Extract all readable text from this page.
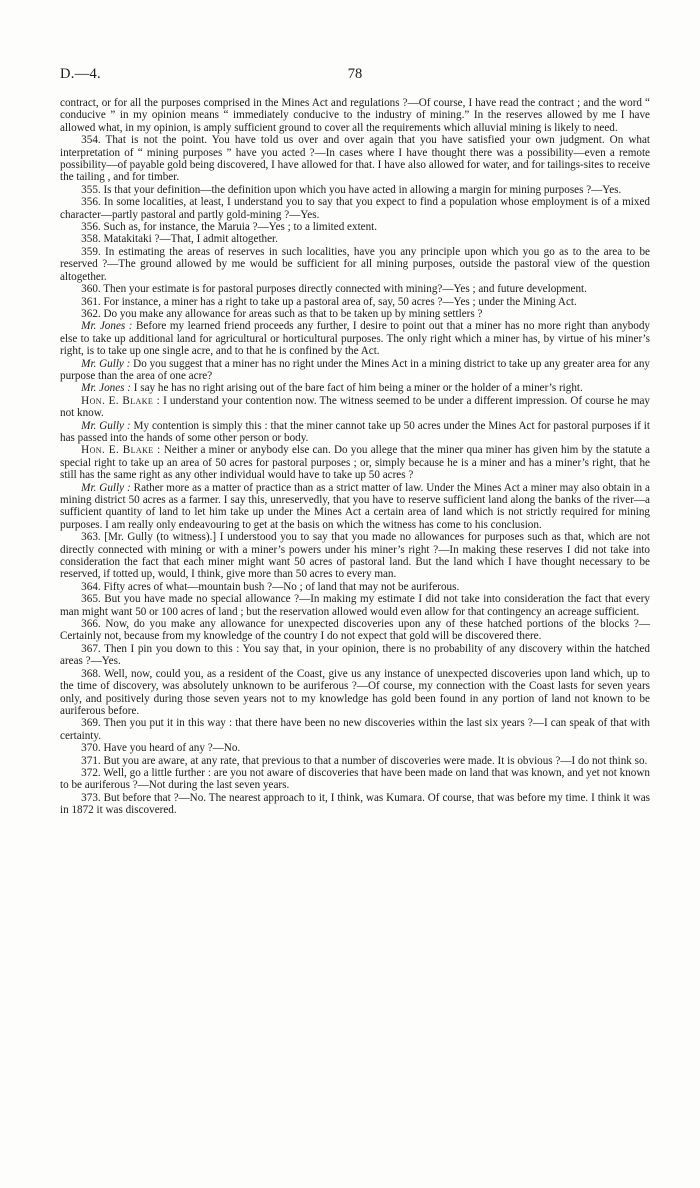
D.—4.	78

contract, or for all the purposes comprised in the Mines Act and regulations ?—Of course, I have read the contract ; and the word “ conducive ” in my opinion means “ immediately conducive to the industry of mining.” In the reserves allowed by me I have allowed what, in my opinion, is amply sufficient ground to cover all the requirements which alluvial mining is likely to need.

354. That is not the point. You have told us over and over again that you have satisfied your own judgment. On what interpretation of “ mining purposes ” have you acted ?—In cases where I have thought there was a possibility—even a remote possibility—of payable gold being discovered, I have allowed for that. I have also allowed for water, and for tailings-sites to receive the tailing , and for timber.

355. Is that your definition—the definition upon which you have acted in allowing a margin for mining purposes ?—Yes.

356. In some localities, at least, I understand you to say that you expect to find a population whose employment is of a mixed character—partly pastoral and partly gold-mining ?—Yes.

356. Such as, for instance, the Maruia ?—Yes ; to a limited extent.

358. Matakitaki ?—That, I admit altogether.

359. In estimating the areas of reserves in such localities, have you any principle upon which you go as to the area to be reserved ?—The ground allowed by me would be sufficient for all mining purposes, outside the pastoral view of the question altogether.

360. Then your estimate is for pastoral purposes directly connected with mining?—Yes ; and future development.

361. For instance, a miner has a right to take up a pastoral area of, say, 50 acres ?—Yes ; under the Mining Act.

362. Do you make any allowance for areas such as that to be taken up by mining settlers ?

Mr. Jones : Before my learned friend proceeds any further, I desire to point out that a miner has no more right than anybody else to take up additional land for agricultural or horticultural purposes. The only right which a miner has, by virtue of his miner’s right, is to take up one single acre, and to that he is confined by the Act.

Mr. Gully : Do you suggest that a miner has no right under the Mines Act in a mining district to take up any greater area for any purpose than the area of one acre?

Mr. Jones : I say he has no right arising out of the bare fact of him being a miner or the holder of a miner’s right.

Hon. E. Blake : I understand your contention now. The witness seemed to be under a different impression. Of course he may not know.

Mr. Gully : My contention is simply this : that the miner cannot take up 50 acres under the Mines Act for pastoral purposes if it has passed into the hands of some other person or body.

Hon. E. Blake : Neither a miner or anybody else can. Do you allege that the miner qua miner has given him by the statute a special right to take up an area of 50 acres for pastoral purposes ; or, simply because he is a miner and has a miner’s right, that he still has the same right as any other individual would have to take up 50 acres ?

Mr. Gully : Rather more as a matter of practice than as a strict matter of law. Under the Mines Act a miner may also obtain in a mining district 50 acres as a farmer. I say this, unreservedly, that you have to reserve sufficient land along the banks of the river—a sufficient quantity of land to let him take up under the Mines Act a certain area of land which is not strictly required for mining purposes. I am really only endeavouring to get at the basis on which the witness has come to his conclusion.

363. [Mr. Gully (to witness).] I understood you to say that you made no allowances for purposes such as that, which are not directly connected with mining or with a miner’s powers under his miner’s right ?—In making these reserves I did not take into consideration the fact that each miner might want 50 acres of pastoral land. But the land which I have thought necessary to be reserved, if totted up, would, I think, give more than 50 acres to every man.

364. Fifty acres of what—mountain bush ?—No ; of land that may not be auriferous.

365. But you have made no special allowance ?—In making my estimate I did not take into consideration the fact that every man might want 50 or 100 acres of land ; but the reservation allowed would even allow for that contingency an acreage sufficient.

366. Now, do you make any allowance for unexpected discoveries upon any of these hatched portions of the blocks ?—Certainly not, because from my knowledge of the country I do not expect that gold will be discovered there.

367. Then I pin you down to this : You say that, in your opinion, there is no probability of any discovery within the hatched areas ?—Yes.

368. Well, now, could you, as a resident of the Coast, give us any instance of unexpected discoveries upon land which, up to the time of discovery, was absolutely unknown to be auriferous ?—Of course, my connection with the Coast lasts for seven years only, and positively during those seven years not to my knowledge has gold been found in any portion of land not known to be auriferous before.

369. Then you put it in this way : that there have been no new discoveries within the last six years ?—I can speak of that with certainty.

370. Have you heard of any ?—No.

371. But you are aware, at any rate, that previous to that a number of discoveries were made. It is obvious ?—I do not think so.

372. Well, go a little further : are you not aware of discoveries that have been made on land that was known, and yet not known to be auriferous ?—Not during the last seven years.

373. But before that ?—No. The nearest approach to it, I think, was Kumara. Of course, that was before my time. I think it was in 1872 it was discovered.
